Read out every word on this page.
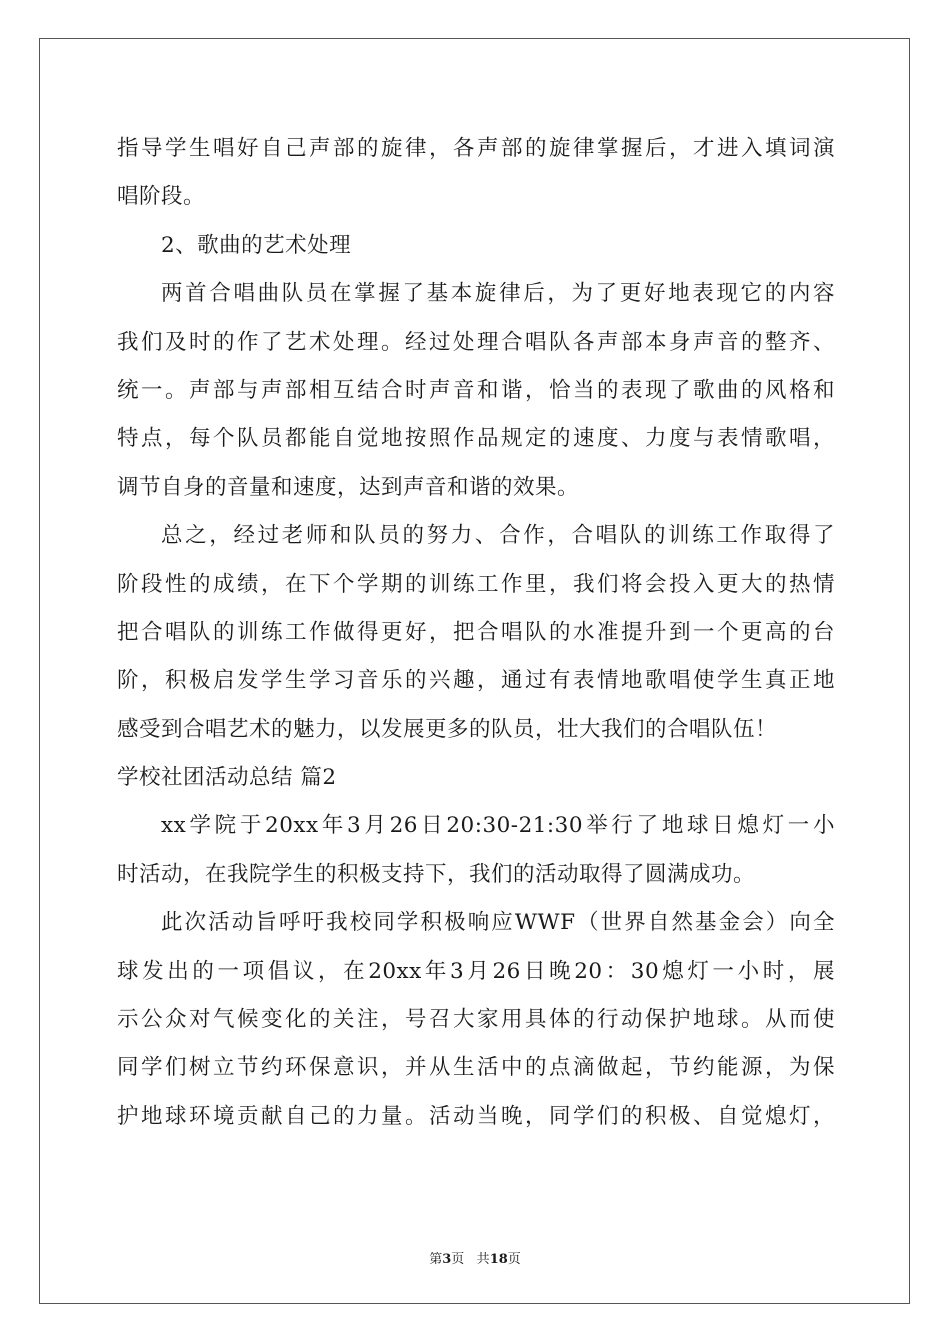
指导学生唱好自己声部的旋律，各声部的旋律掌握后，才进入填词演
唱阶段。
2、歌曲的艺术处理
两首合唱曲队员在掌握了基本旋律后，为了更好地表现它的内容
我们及时的作了艺术处理。经过处理合唱队各声部本身声音的整齐、
统一。声部与声部相互结合时声音和谐，恰当的表现了歌曲的风格和
特点，每个队员都能自觉地按照作品规定的速度、力度与表情歌唱，
调节自身的音量和速度，达到声音和谐的效果。
总之，经过老师和队员的努力、合作，合唱队的训练工作取得了
阶段性的成绩，在下个学期的训练工作里，我们将会投入更大的热情
把合唱队的训练工作做得更好，把合唱队的水准提升到一个更高的台
阶，积极启发学生学习音乐的兴趣，通过有表情地歌唱使学生真正地
感受到合唱艺术的魅力，以发展更多的队员，壮大我们的合唱队伍！
学校社团活动总结 篇2
xx学院于20xx年3月26日20:30-21:30举行了地球日熄灯一小
时活动，在我院学生的积极支持下，我们的活动取得了圆满成功。
此次活动旨呼吁我校同学积极响应WWF（世界自然基金会）向全
球发出的一项倡议，在20xx年3月26日晚20：30熄灯一小时，展
示公众对气候变化的关注，号召大家用具体的行动保护地球。从而使
同学们树立节约环保意识，并从生活中的点滴做起，节约能源，为保
护地球环境贡献自己的力量。活动当晚，同学们的积极、自觉熄灯，
第3页 共18页
